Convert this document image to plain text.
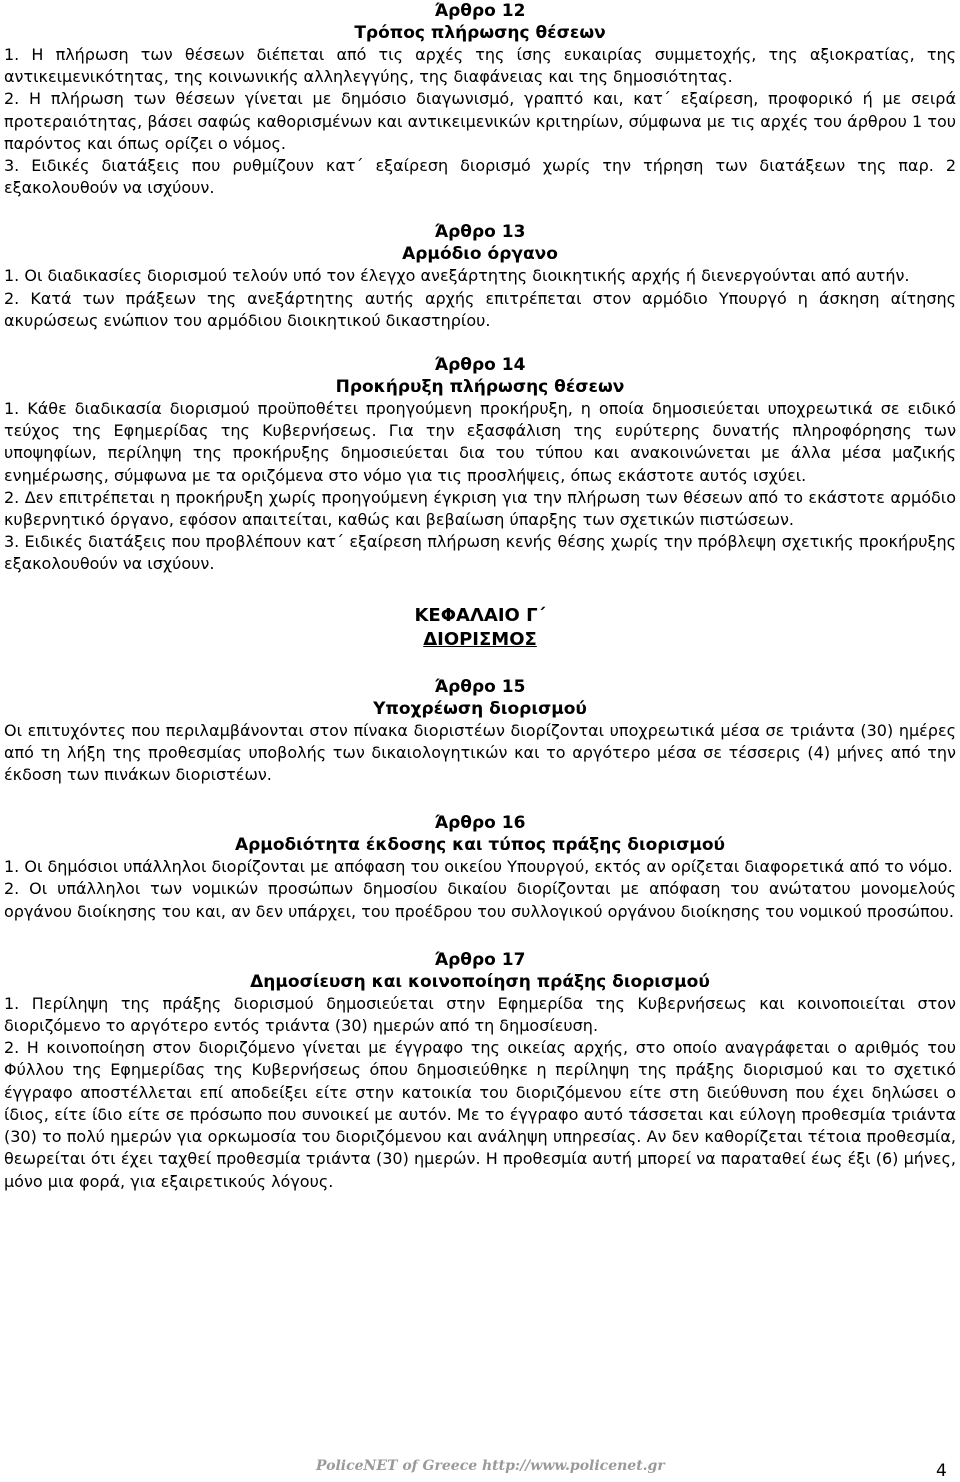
Άρθρο 12

Τρόπος πλήρωσης θέσεων

1. Η πλήρωση των θέσεων διέπεται από τις αρχές της ίσης ευκαιρίας συμμετοχής, της αξιοκρατίας, της αντικειμενικότητας, της κοινωνικής αλληλεγγύης, της διαφάνειας και της δημοσιότητας.

2. Η πλήρωση των θέσεων γίνεται με δημόσιο διαγωνισμό, γραπτό και, κατ΄ εξαίρεση, προφορικό ή με σειρά προτεραιότητας, βάσει σαφώς καθορισμένων και αντικειμενικών κριτηρίων, σύμφωνα με τις αρχές του άρθρου 1 του παρόντος και όπως ορίζει ο νόμος.

3. Ειδικές διατάξεις που ρυθμίζουν κατ΄ εξαίρεση διορισμό χωρίς την τήρηση των διατάξεων της παρ. 2 εξακολουθούν να ισχύουν.

Άρθρο 13

Αρμόδιο όργανο

1. Οι διαδικασίες διορισμού τελούν υπό τον έλεγχο ανεξάρτητης διοικητικής αρχής ή διενεργούνται από αυτήν.

2. Κατά των πράξεων της ανεξάρτητης αυτής αρχής επιτρέπεται στον αρμόδιο Υπουργό η άσκηση αίτησης ακυρώσεως ενώπιον του αρμόδιου διοικητικού δικαστηρίου.

Άρθρο 14

Προκήρυξη πλήρωσης θέσεων

1. Κάθε διαδικασία διορισμού προϋποθέτει προηγούμενη προκήρυξη, η οποία δημοσιεύεται υποχρεωτικά σε ειδικό τεύχος της Εφημερίδας της Κυβερνήσεως. Για την εξασφάλιση της ευρύτερης δυνατής πληροφόρησης των υποψηφίων, περίληψη της προκήρυξης δημοσιεύεται δια του τύπου και ανακοινώνεται με άλλα μέσα μαζικής ενημέρωσης, σύμφωνα με τα οριζόμενα στο νόμο για τις προσλήψεις, όπως εκάστοτε αυτός ισχύει.

2. Δεν επιτρέπεται η προκήρυξη χωρίς προηγούμενη έγκριση για την πλήρωση των θέσεων από το εκάστοτε αρμόδιο κυβερνητικό όργανο, εφόσον απαιτείται, καθώς και βεβαίωση ύπαρξης των σχετικών πιστώσεων.

3. Ειδικές διατάξεις που προβλέπουν κατ΄ εξαίρεση πλήρωση κενής θέσης χωρίς την πρόβλεψη σχετικής προκήρυξης εξακολουθούν να ισχύουν.

ΚΕΦΑΛΑΙΟ Γ΄

ΔΙΟΡΙΣΜΟΣ

Άρθρο 15

Υποχρέωση διορισμού

Οι επιτυχόντες που περιλαμβάνονται στον πίνακα διοριστέων διορίζονται υποχρεωτικά μέσα σε τριάντα (30) ημέρες από τη λήξη της προθεσμίας υποβολής των δικαιολογητικών και το αργότερο μέσα σε τέσσερις (4) μήνες από την έκδοση των πινάκων διοριστέων.

Άρθρο 16

Αρμοδιότητα έκδοσης και τύπος πράξης διορισμού

1. Οι δημόσιοι υπάλληλοι διορίζονται με απόφαση του οικείου Υπουργού, εκτός αν ορίζεται διαφορετικά από το νόμο.

2. Οι υπάλληλοι των νομικών προσώπων δημοσίου δικαίου διορίζονται με απόφαση του ανώτατου μονομελούς οργάνου διοίκησης του και, αν δεν υπάρχει, του προέδρου του συλλογικού οργάνου διοίκησης του νομικού προσώπου.

Άρθρο 17

Δημοσίευση και κοινοποίηση πράξης διορισμού

1. Περίληψη της πράξης διορισμού δημοσιεύεται στην Εφημερίδα της Κυβερνήσεως και κοινοποιείται στον διοριζόμενο το αργότερο εντός τριάντα (30) ημερών από τη δημοσίευση.

2. Η κοινοποίηση στον διοριζόμενο γίνεται με έγγραφο της οικείας αρχής, στο οποίο αναγράφεται ο αριθμός του Φύλλου της Εφημερίδας της Κυβερνήσεως όπου δημοσιεύθηκε η περίληψη της πράξης διορισμού και το σχετικό έγγραφο αποστέλλεται επί αποδείξει είτε στην κατοικία του διοριζόμενου είτε στη διεύθυνση που έχει δηλώσει ο ίδιος, είτε ίδιο είτε σε πρόσωπο που συνοικεί με αυτόν. Με το έγγραφο αυτό τάσσεται και εύλογη προθεσμία τριάντα (30) το πολύ ημερών για ορκωμοσία του διοριζόμενου και ανάληψη υπηρεσίας. Αν δεν καθορίζεται τέτοια προθεσμία, θεωρείται ότι έχει ταχθεί προθεσμία τριάντα (30) ημερών. Η προθεσμία αυτή μπορεί να παραταθεί έως έξι (6) μήνες, μόνο μια φορά, για εξαιρετικούς λόγους.

PoliceNET of Greece http://www.policenet.gr	4
